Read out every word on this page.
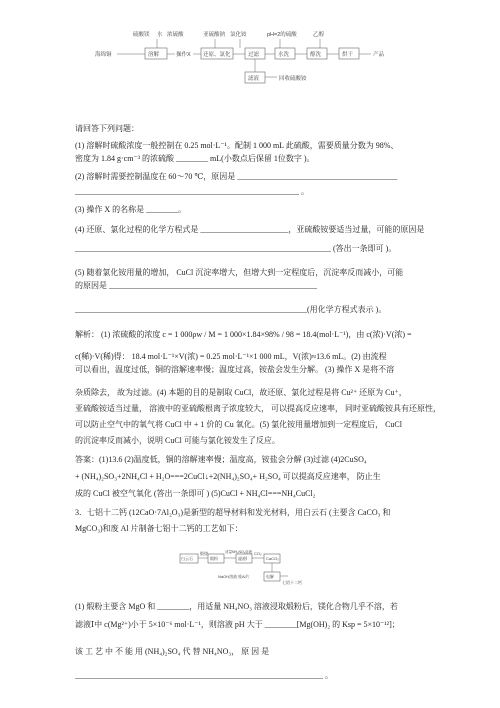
硫酸镁 水 浓硫酸	亚硫酸钠 氯化铵	pH=2的硫酸	乙醇
海绵铜	溶解	操作X 还原、氯化	过滤	水洗	醇洗	烘干	产品
滤液	回收硫酸铵
请回答下列问题：
(1) 溶解时硫酸浓度一般控制在 0.25 mol·L⁻¹。配制 1 000 mL 此硫酸，需要质量分数为 98%、
密度为 1.84 g·cm⁻³ 的浓硫酸 ________ mL(小数点后保留 1位数字 )。
(2) 溶解时需要控制温度在 60～70 ℃，原因是 ________________________________________
________________________________________________________ 。
(3) 操作 X 的名称是 ________。
(4) 还原、氯化过程的化学方程式是 ______________________，亚硫酸铵要适当过量，可能的原因是
________________________________________________________________ (答出一条即可 )。
(5) 随着氯化铵用量的增加， CuCl 沉淀率增大，但增大到一定程度后，沉淀率反而减小，可能
的原因是 ____________________________________________________
__________________________________________________________(用化学方程式表示 )。
解析： (1) 浓硫酸的浓度 c = 1 000ρw / M = 1 000×1.84×98% / 98 = 18.4(mol·L⁻¹)，由 c(浓)·V(浓) =
c(稀)·V(稀)得： 18.4 mol·L⁻¹×V(浓) = 0.25 mol·L⁻¹×1 000 mL，V(浓)≈13.6 mL。(2) 由流程
可以看出，温度过低，铜的溶解速率慢；温度过高，铵盐会发生分解。 (3) 操作 X 是将不溶
杂质除去， 故为过滤。(4) 本题的目的是制取 CuCl，故还原、氯化过程是将 Cu²⁺ 还原为 Cu⁺，
亚硫酸铵适当过量， 溶液中的亚硫酸根离子浓度较大， 可以提高反应速率， 同时亚硫酸铵具有还原性，
可以防止空气中的氧气将 CuCl 中 + 1 价的 Cu 氧化。(5) 氯化铵用量增加到一定程度后， CuCl
的沉淀率反而减小，说明 CuCl 可能与氯化铵发生了反应。
答案：(1)13.6 (2)温度低，铜的溶解速率慢；温度高，铵盐会分解 (3)过滤 (4)2CuSO₄
+ (NH₄)₂SO₃+2NH₄Cl + H₂O===2CuCl↓+2(NH₄)₂SO₄+ H₂SO₄ 可以提高反应速率， 防止生
成的 CuCl 被空气氧化 (答出一条即可 ) (5)CuCl + NH₄Cl===NH₄CuCl₂
3．七铝十二钙 (12CaO·7Al₂O₃)是新型的超导材料和发光材料，用白云石 (主要含 CaCO₃ 和
MgCO₃)和废 Al 片制备七铝十二钙的工艺如下：
白云石
煅烧
煅粉
适量NH₄NO₃溶液
滤液Ⅰ
CO₂
CaCO₃
NaOH溶液 废Al片	电解
七铝十二钙
(1) 煅粉主要含 MgO 和 ________，用适量 NH₄NO₃ 溶液浸取煅粉后，镁化合物几乎不溶，若
滤液Ⅰ中 c(Mg²⁺)小于 5×10⁻⁶ mol·L⁻¹，则溶液 pH 大于 ________[Mg(OH)₂ 的 Ksp = 5×10⁻¹²]；
该 工 艺 中 不 能 用 (NH₄)₂SO₄ 代 替 NH₄NO₃， 原 因 是
______________________________________________________________ 。
